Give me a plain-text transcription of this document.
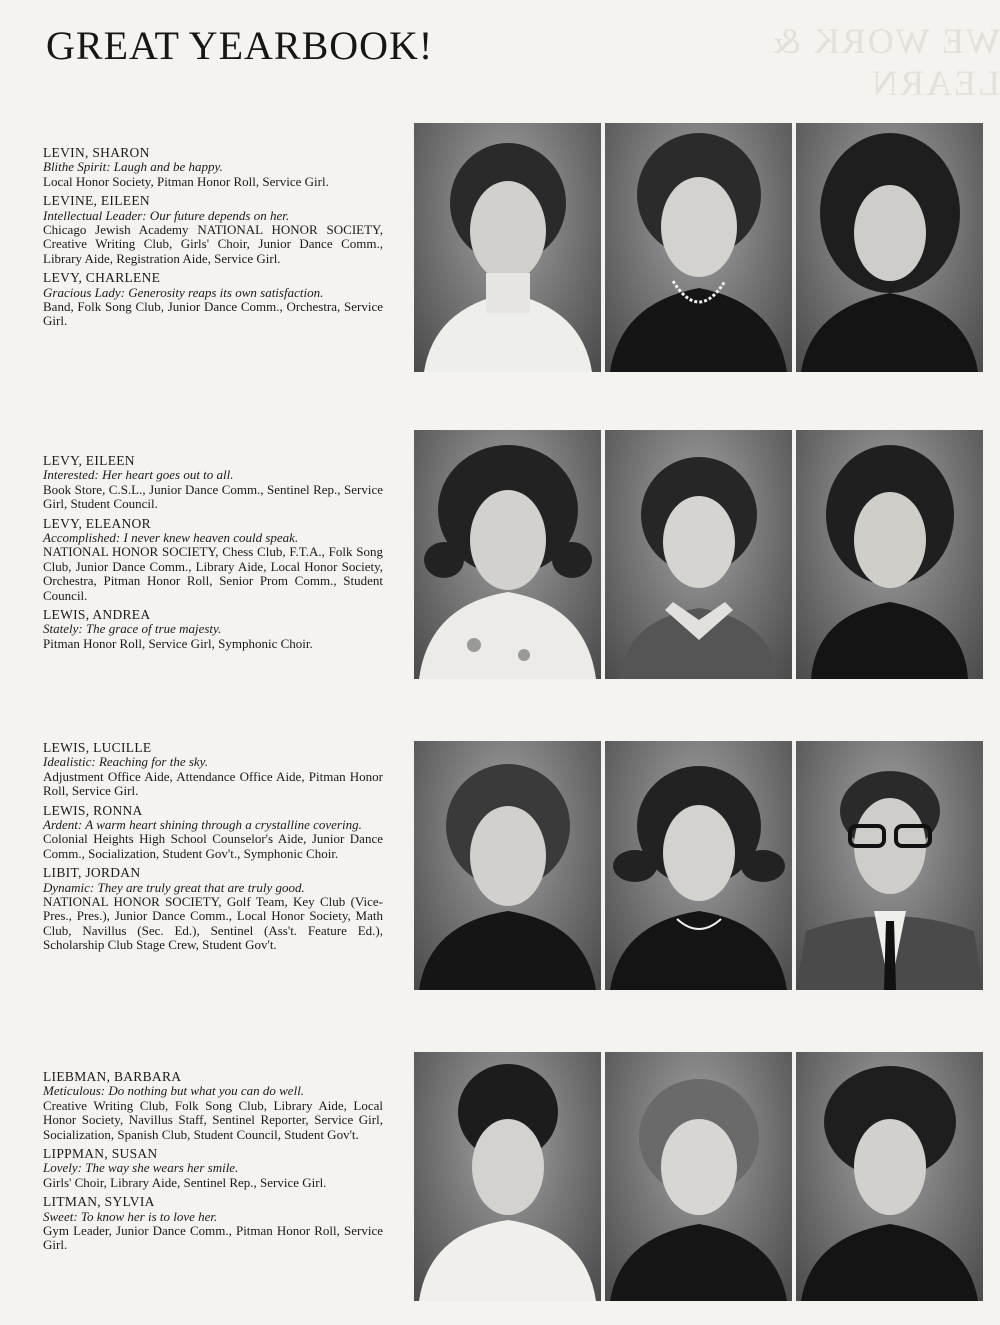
GREAT YEARBOOK!	WE WORK & LEARN
LEVIN, SHARON
Blithe Spirit: Laugh and be happy.
Local Honor Society, Pitman Honor Roll, Service Girl.
LEVINE, EILEEN
Intellectual Leader: Our future depends on her.
Chicago Jewish Academy NATIONAL HONOR SOCIETY, Creative Writing Club, Girls' Choir, Junior Dance Comm., Library Aide, Registration Aide, Service Girl.
LEVY, CHARLENE
Gracious Lady: Generosity reaps its own satisfaction.
Band, Folk Song Club, Junior Dance Comm., Orchestra, Service Girl.
LEVY, EILEEN
Interested: Her heart goes out to all.
Book Store, C.S.L., Junior Dance Comm., Sentinel Rep., Service Girl, Student Council.
LEVY, ELEANOR
Accomplished: I never knew heaven could speak.
NATIONAL HONOR SOCIETY, Chess Club, F.T.A., Folk Song Club, Junior Dance Comm., Library Aide, Local Honor Society, Orchestra, Pitman Honor Roll, Senior Prom Comm., Student Council.
LEWIS, ANDREA
Stately: The grace of true majesty.
Pitman Honor Roll, Service Girl, Symphonic Choir.
LEWIS, LUCILLE
Idealistic: Reaching for the sky.
Adjustment Office Aide, Attendance Office Aide, Pitman Honor Roll, Service Girl.
LEWIS, RONNA
Ardent: A warm heart shining through a crystalline covering.
Colonial Heights High School Counselor's Aide, Junior Dance Comm., Socialization, Student Gov't., Symphonic Choir.
LIBIT, JORDAN
Dynamic: They are truly great that are truly good.
NATIONAL HONOR SOCIETY, Golf Team, Key Club (Vice-Pres., Pres.), Junior Dance Comm., Local Honor Society, Math Club, Navillus (Sec. Ed.), Sentinel (Ass't. Feature Ed.), Scholarship Club Stage Crew, Student Gov't.
LIEBMAN, BARBARA
Meticulous: Do nothing but what you can do well.
Creative Writing Club, Folk Song Club, Library Aide, Local Honor Society, Navillus Staff, Sentinel Reporter, Service Girl, Socialization, Spanish Club, Student Council, Student Gov't.
LIPPMAN, SUSAN
Lovely: The way she wears her smile.
Girls' Choir, Library Aide, Sentinel Rep., Service Girl.
LITMAN, SYLVIA
Sweet: To know her is to love her.
Gym Leader, Junior Dance Comm., Pitman Honor Roll, Service Girl.
